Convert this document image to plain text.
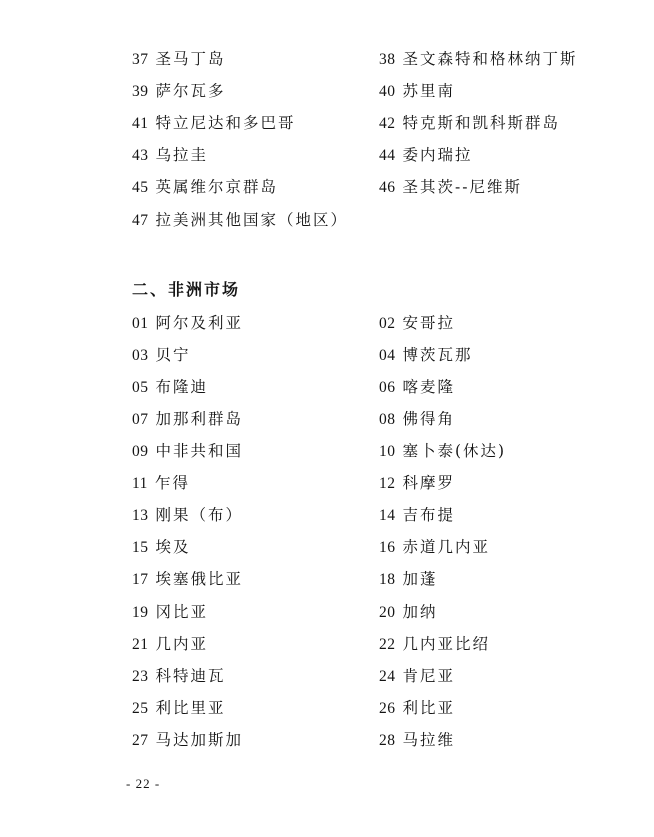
37 圣马丁岛	38 圣文森特和格林纳丁斯
39 萨尔瓦多	40 苏里南
41 特立尼达和多巴哥	42 特克斯和凯科斯群岛
43 乌拉圭	44 委内瑞拉
45 英属维尔京群岛	46 圣其茨--尼维斯
47 拉美洲其他国家（地区）
二、非洲市场
01 阿尔及利亚	02 安哥拉
03 贝宁	04 博茨瓦那
05 布隆迪	06 喀麦隆
07 加那利群岛	08 佛得角
09 中非共和国	10 塞卜泰(休达)
11 乍得	12 科摩罗
13 刚果（布）	14 吉布提
15 埃及	16 赤道几内亚
17 埃塞俄比亚	18 加蓬
19 冈比亚	20 加纳
21 几内亚	22 几内亚比绍
23 科特迪瓦	24 肯尼亚
25 利比里亚	26 利比亚
27 马达加斯加	28 马拉维
- 22 -
